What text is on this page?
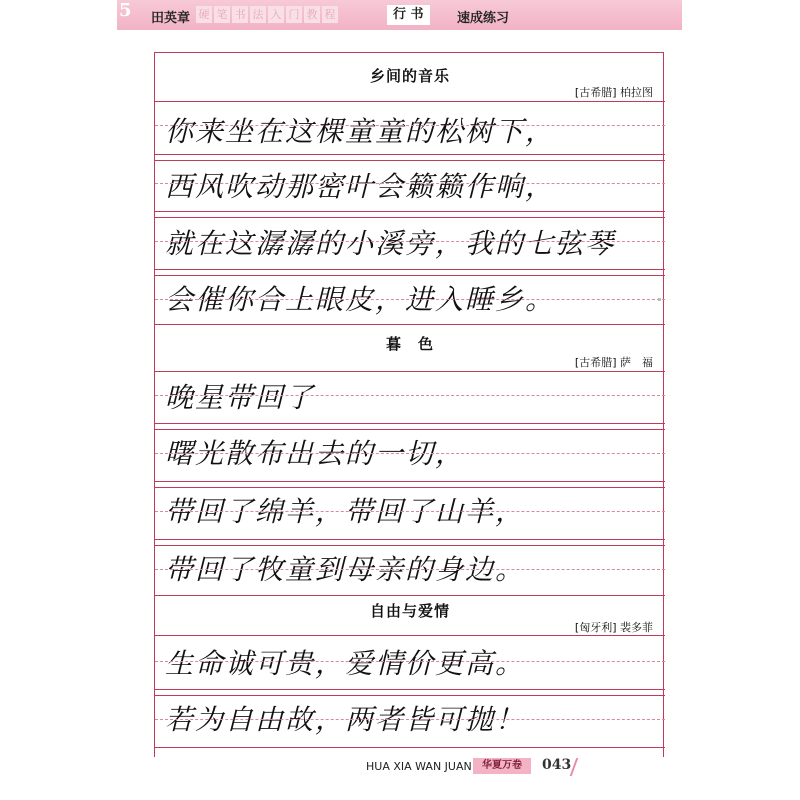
5	田英章 硬 笔 书 法 入 门 教 程	行 书	速成练习
乡间的音乐
[古希腊] 柏拉图
你来坐在这棵童童的松树下，
西风吹动那密叶会籁籁作响，
就在这潺潺的小溪旁，我的七弦琴
会催你合上眼皮，进入睡乡。
暮　色
[古希腊] 萨　福
晚星带回了
曙光散布出去的一切，
带回了绵羊，带回了山羊，
带回了牧童到母亲的身边。
自由与爱情
[匈牙利] 裴多菲
生命诚可贵，爱情价更高。
若为自由故，两者皆可抛！
HUA XIA WAN JUAN	华夏万卷	043
